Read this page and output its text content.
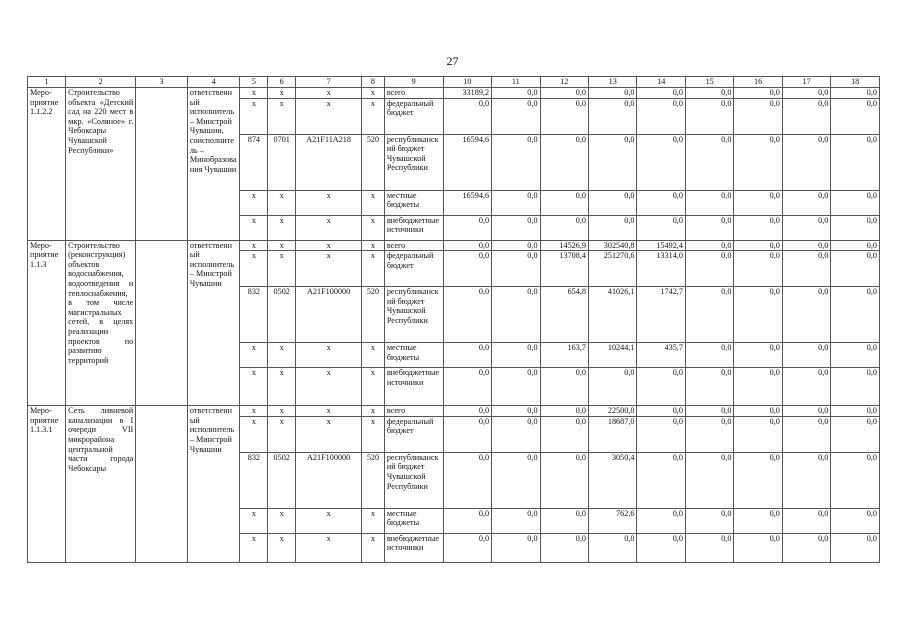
27
1	2	3	4	5	6	7	8	9	10	11	12	13	14	15	16	17	18
Меро-приятие 1.1.2.2	Строительство объекта «Детский сад на 220 мест в мкр. «Соляное» г. Чебоксары Чувашской Республики»		ответственный исполнитель – Минстрой Чувашии, соисполнитель – Минобразования Чувашии	x	x	x	x	всего	33189,2	0,0	0,0	0,0	0,0	0,0	0,0	0,0	0,0
				x	x	x	x	федеральный бюджет	0,0	0,0	0,0	0,0	0,0	0,0	0,0	0,0	0,0
				874	0701	A21F11A218	520	республиканский бюджет Чувашской Республики	16594,6	0,0	0,0	0,0	0,0	0,0	0,0	0,0	0,0
				x	x	x	x	местные бюджеты	16594,6	0,0	0,0	0,0	0,0	0,0	0,0	0,0	0,0
				x	x	x	x	внебюджетные источники	0,0	0,0	0,0	0,0	0,0	0,0	0,0	0,0	0,0
Меро-приятие 1.1.3	Строительство (реконструкция) объектов водоснабжения, водоотведения и теплоснабжения, в том числе магистральных сетей, в целях реализации проектов по развитию территорий		ответственный исполнитель – Минстрой Чувашии	x	x	x	x	всего	0,0	0,0	14526,9	302540,8	15492,4	0,0	0,0	0,0	0,0
				x	x	x	x	федеральный бюджет	0,0	0,0	13708,4	251270,6	13314,0	0,0	0,0	0,0	0,0
				832	0502	A21F100000	520	республиканский бюджет Чувашской Республики	0,0	0,0	654,8	41026,1	1742,7	0,0	0,0	0,0	0,0
				x	x	x	x	местные бюджеты	0,0	0,0	163,7	10244,1	435,7	0,0	0,0	0,0	0,0
				x	x	x	x	внебюджетные источники	0,0	0,0	0,0	0,0	0,0	0,0	0,0	0,0	0,0
Меро-приятие 1.1.3.1	Сеть ливневой канализации в I очереди VII микрорайона центральной части города Чебоксары		ответственный исполнитель – Минстрой Чувашии	x	x	x	x	всего	0,0	0,0	0,0	22500,0	0,0	0,0	0,0	0,0	0,0
				x	x	x	x	федеральный бюджет	0,0	0,0	0,0	18687,0	0,0	0,0	0,0	0,0	0,0
				832	0502	A21F100000	520	республиканский бюджет Чувашской Республики	0,0	0,0	0,0	3050,4	0,0	0,0	0,0	0,0	0,0
				x	x	x	x	местные бюджеты	0,0	0,0	0,0	762,6	0,0	0,0	0,0	0,0	0,0
				x	x	x	x	внебюджетные источники	0,0	0,0	0,0	0,0	0,0	0,0	0,0	0,0	0,0
